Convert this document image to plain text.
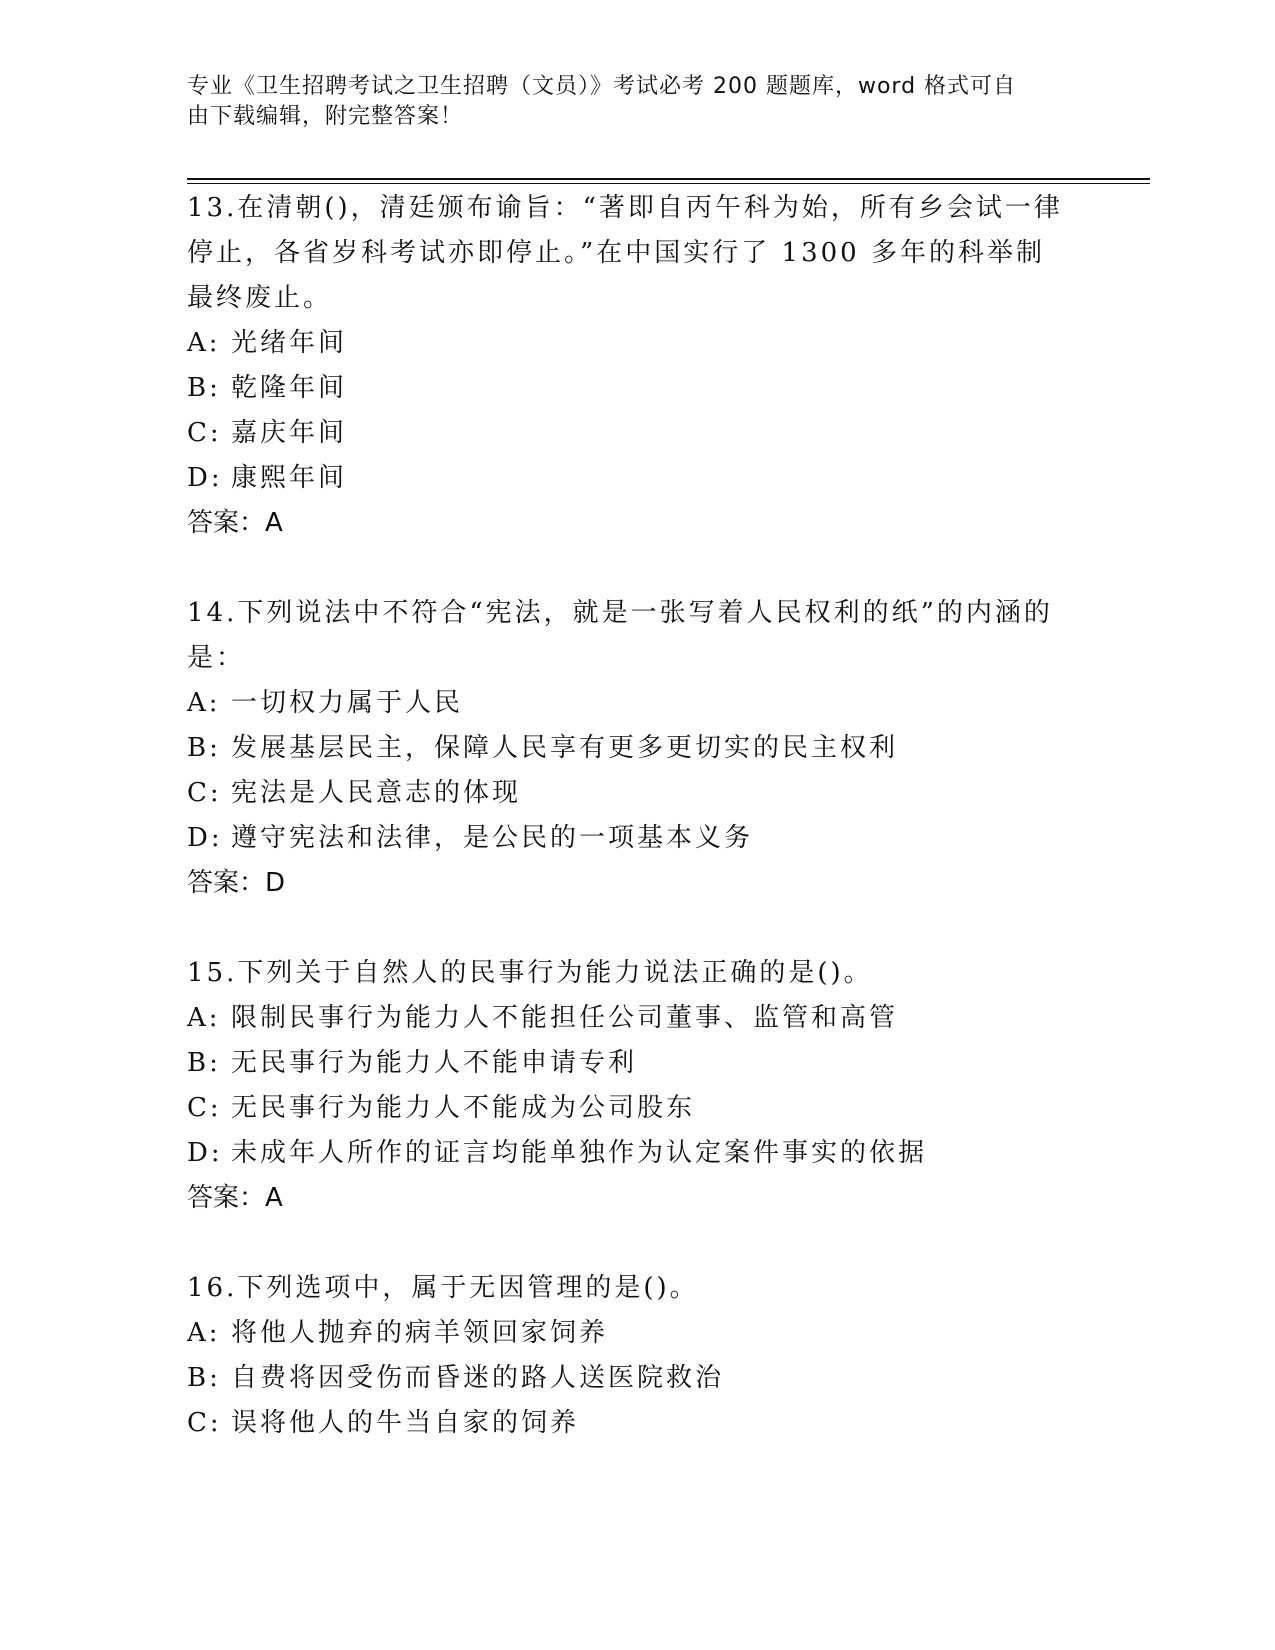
专业《卫生招聘考试之卫生招聘（文员）》考试必考 200 题题库，word 格式可自
由下载编辑，附完整答案！

13.在清朝()，清廷颁布谕旨：“著即自丙午科为始，所有乡会试一律停止，各省岁科考试亦即停止。”在中国实行了 1300 多年的科举制最终废止。

A: 光绪年间

B: 乾隆年间

C: 嘉庆年间

D: 康熙年间

答案：A

14.下列说法中不符合“宪法，就是一张写着人民权利的纸”的内涵的是：

A: 一切权力属于人民

B: 发展基层民主，保障人民享有更多更切实的民主权利

C: 宪法是人民意志的体现

D: 遵守宪法和法律，是公民的一项基本义务

答案：D

15.下列关于自然人的民事行为能力说法正确的是()。

A: 限制民事行为能力人不能担任公司董事、监管和高管

B: 无民事行为能力人不能申请专利

C: 无民事行为能力人不能成为公司股东

D: 未成年人所作的证言均能单独作为认定案件事实的依据

答案：A

16.下列选项中，属于无因管理的是()。

A: 将他人抛弃的病羊领回家饲养

B: 自费将因受伤而昏迷的路人送医院救治

C: 误将他人的牛当自家的饲养
